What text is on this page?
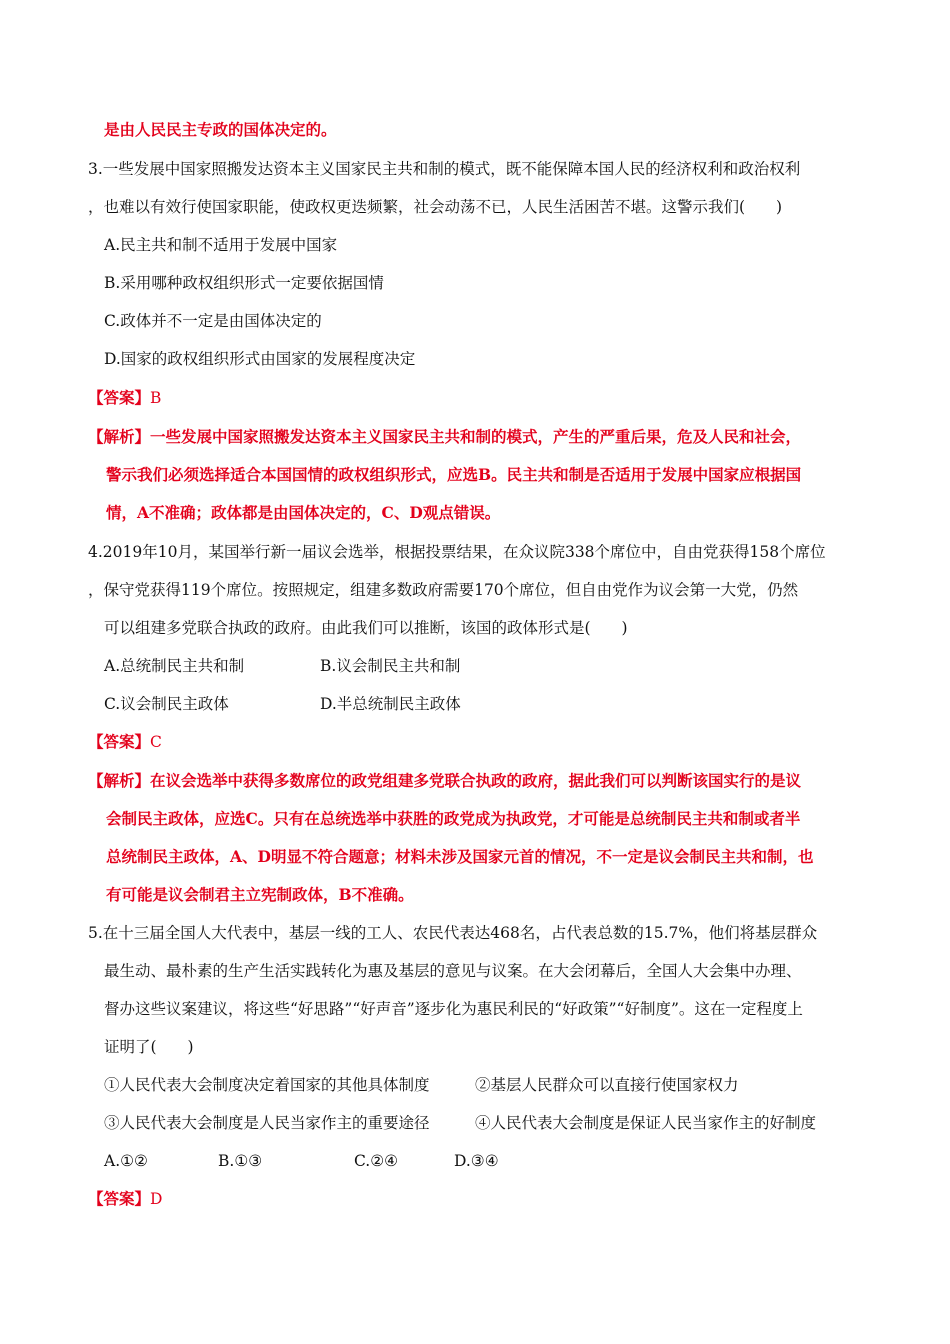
是由人民民主专政的国体决定的。
3.一些发展中国家照搬发达资本主义国家民主共和制的模式，既不能保障本国人民的经济权利和政治权利
，也难以有效行使国家职能，使政权更迭频繁，社会动荡不已，人民生活困苦不堪。这警示我们(　　)
A.民主共和制不适用于发展中国家
B.采用哪种政权组织形式一定要依据国情
C.政体并不一定是由国体决定的
D.国家的政权组织形式由国家的发展程度决定
【答案】B
【解析】一些发展中国家照搬发达资本主义国家民主共和制的模式，产生的严重后果，危及人民和社会，
警示我们必须选择适合本国国情的政权组织形式，应选B。民主共和制是否适用于发展中国家应根据国
情，A不准确；政体都是由国体决定的，C、D观点错误。
4.2019年10月，某国举行新一届议会选举，根据投票结果，在众议院338个席位中，自由党获得158个席位
，保守党获得119个席位。按照规定，组建多数政府需要170个席位，但自由党作为议会第一大党，仍然
可以组建多党联合执政的政府。由此我们可以推断，该国的政体形式是(　　)
A.总统制民主共和制	B.议会制民主共和制
C.议会制民主政体	D.半总统制民主政体
【答案】C
【解析】在议会选举中获得多数席位的政党组建多党联合执政的政府，据此我们可以判断该国实行的是议
会制民主政体，应选C。只有在总统选举中获胜的政党成为执政党，才可能是总统制民主共和制或者半
总统制民主政体，A、D明显不符合题意；材料未涉及国家元首的情况，不一定是议会制民主共和制，也
有可能是议会制君主立宪制政体，B不准确。
5.在十三届全国人大代表中，基层一线的工人、农民代表达468名，占代表总数的15.7%，他们将基层群众
最生动、最朴素的生产生活实践转化为惠及基层的意见与议案。在大会闭幕后，全国人大会集中办理、
督办这些议案建议，将这些“好思路”“好声音”逐步化为惠民利民的“好政策”“好制度”。这在一定程度上
证明了(　　)
①人民代表大会制度决定着国家的其他具体制度	②基层人民群众可以直接行使国家权力
③人民代表大会制度是人民当家作主的重要途径	④人民代表大会制度是保证人民当家作主的好制度
A.①②	B.①③	C.②④	D.③④
【答案】D
